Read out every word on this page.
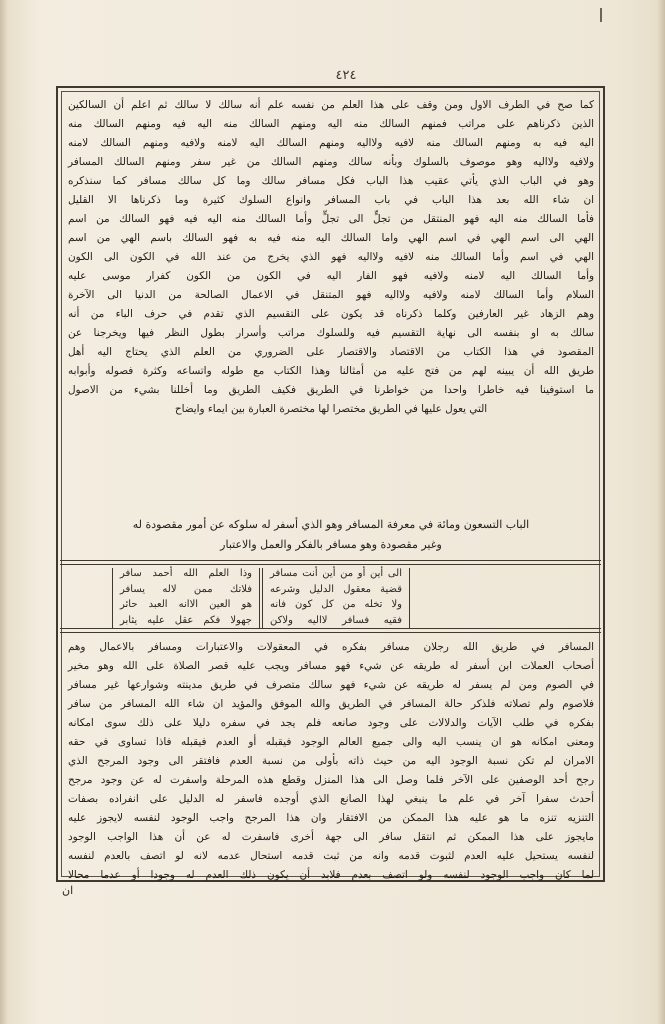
٤٢٤

كما صح في الطرف الاول ومن وقف على هذا العلم من نفسه علم أنه سالك لا سالك ثم اعلم أن السالكين

الذين ذكرناهم على مراتب فمنهم السالك منه اليه ومنهم السالك منه اليه فيه ومنهم السالك منه

اليه فيه به ومنهم السالك منه لافيه ولااليه ومنهم السالك اليه لامنه ولافيه ومنهم السالك لامنه

ولافيه ولااليه وهو موصوف بالسلوك وبأنه سالك ومنهم السالك من غير سفر ومنهم السالك المسافر

وهو في الباب الذي يأتي عقيب هذا الباب فكل مسافر سالك وما كل سالك مسافر كما سنذكره

ان شاء الله بعد هذا الباب في باب المسافر وانواع السلوك كثيرة وما ذكرناها الا القليل

فأما السالك منه اليه فهو المنتقل من تجلٍّ الى تجلٍّ وأما السالك منه اليه فيه فهو السالك من اسم

الهي الى اسم الهي في اسم الهي واما السالك اليه منه فيه به فهو السالك باسم الهي من اسم

الهي في اسم وأما السالك منه لافيه ولااليه فهو الذي يخرج من عند الله في الكون الى الكون

وأما السالك اليه لامنه ولافيه فهو الفار اليه في الكون من الكون كفرار موسى عليه

السلام وأما السالك لامنه ولافيه ولااليه فهو المتنقل في الاعمال الصالحة من الدنيا الى الآخرة

وهم الزهاد غير العارفين وكلما ذكرناه قد يكون على التقسيم الذي تقدم في حرف الباء من أنه

سالك به او بنفسه الى نهاية التقسيم فيه وللسلوك مراتب وأسرار بطول النظر فيها ويخرجنا عن

المقصود في هذا الكتاب من الاقتصاد والاقتصار على الضروري من العلم الذي يحتاج اليه أهل

طريق الله أن يبينه لهم من فتح عليه من أمثالنا وهذا الكتاب مع طوله واتساعه وكثرة فصوله وأبوابه

ما استوفينا فيه خاطرا واحدا من خواطرنا في الطريق فكيف الطريق وما أخللنا بشيء من الاصول

التي يعول عليها في الطريق مختصرا لها مختصرة العبارة بين ايماء وايضاح

الباب التسعون ومائة في معرفة المسافر وهو الذي أسفر له سلوكه عن أمور مقصودة له
وغير مقصودة وهو مسافر بالفكر والعمل والاعتبار
الى أين أو من أين أنت مسافر
قضية معقول الدليل وشرعه
ولا تخله من كل كون فانه
فقيه فسافر لااليه ولاكن
وذا العلم الله أحمد سافر
فلاتك ممن لاله يسافر
هو العين الاانه العبد حائر
جهولا فكم عقل عليه يثابر

المسافر في طريق الله رجلان مسافر بفكره في المعقولات والاعتبارات ومسافر بالاعمال وهم

أصحاب العملات ابن أسفر له طريقه عن شيء فهو مسافر ويجب عليه قصر الصلاة على الله وهو مخير

في الصوم ومن لم يسفر له طريقه عن شيء فهو سالك متصرف في طريق مدينته وشوارعها غير مسافر

فلاصوم ولم تصلاته فلذكر حالة المسافر في الطريق والله الموفق والمؤيد ان شاء الله المسافر من سافر

بفكره في طلب الآيات والدلالات على وجود صانعه فلم يجد في سفره دليلا على ذلك سوى امكانه

ومعنى امكانه هو ان ينسب اليه والى جميع العالم الوجود فيقبله أو العدم فيقبله فاذا تساوى في حقه

الامران لم تكن نسبة الوجود اليه من حيث ذاته بأولى من نسبة العدم فافتقر الى وجود المرجح الذي

رجح أحد الوصفين على الآخر فلما وصل الى هذا المنزل وقطع هذه المرحلة واسفرت له عن وجود مرجح

أحدث سفرا آخر في علم ما ينبغي لهذا الصانع الذي أوجده فاسفر له الدليل على انفراده بصفات

التنزيه تنزه ما هو عليه هذا الممكن من الافتقار وان هذا المرجح واجب الوجود لنفسه لايجوز عليه

مايجوز على هذا الممكن ثم انتقل سافر الى جهة أخرى فاسفرت له عن أن هذا الواجب الوجود

لنفسه يستحيل عليه العدم لثبوت قدمه وانه من ثبت قدمه استحال عدمه لانه لو اتصف بالعدم لنفسه

لما كان واجب الوجود لنفسه ولو اتصف بعدم فلابد أن يكون ذلك العدم له وجودا أو عدما محالا

ان
